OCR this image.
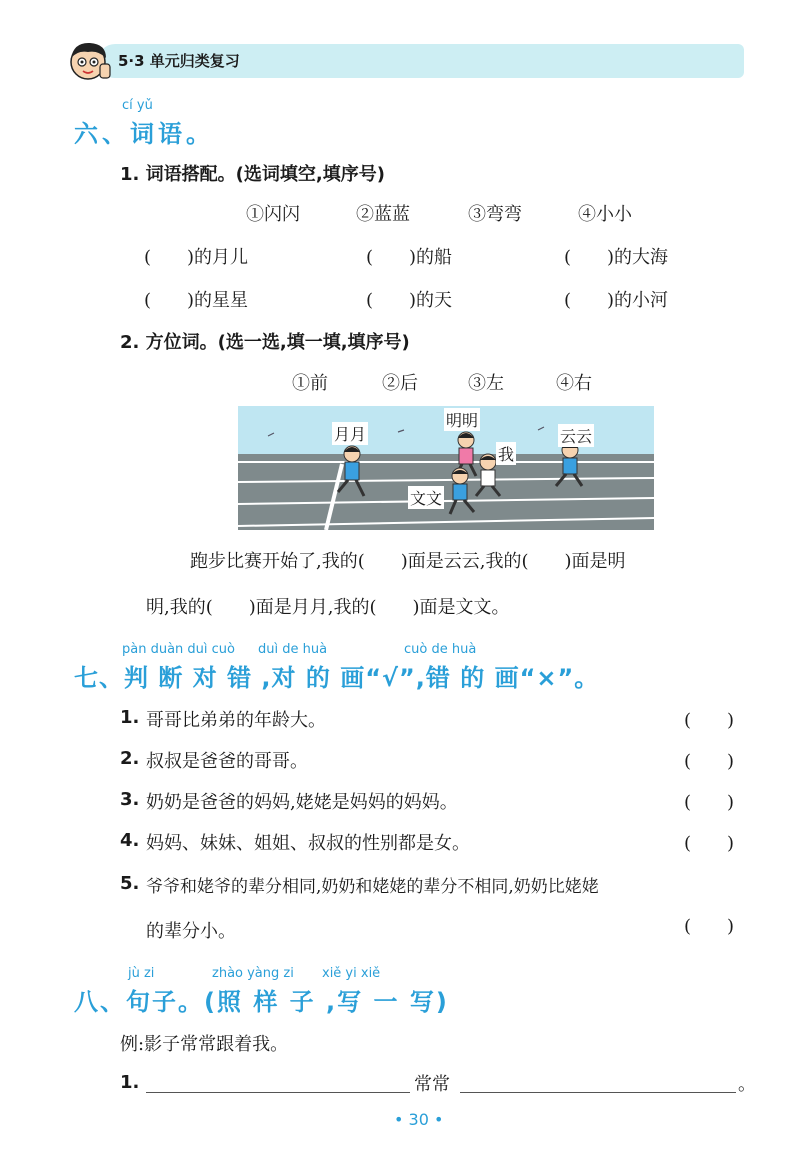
5·3 单元归类复习
cí yǔ
六、词语。
1. 词语搭配。(选词填空,填序号)
①闪闪	②蓝蓝	③弯弯	④小小
(　　)的月儿	(　　)的船	(　　)的大海
(　　)的星星	(　　)的天	(　　)的小河
2. 方位词。(选一选,填一填,填序号)
①前	②后	③左	④右
月月
明明
我
云云
文文
跑步比赛开始了,我的(　　)面是云云,我的(　　)面是明
明,我的(　　)面是月月,我的(　　)面是文文。
pàn duàn duì cuò duì de huà	cuò de huà
七、判 断 对 错 ,对 的 画“√”,错 的 画“×”。
1. 哥哥比弟弟的年龄大。	(　　)
2. 叔叔是爸爸的哥哥。	(　　)
3. 奶奶是爸爸的妈妈,姥姥是妈妈的妈妈。	(　　)
4. 妈妈、妹妹、姐姐、叔叔的性别都是女。	(　　)
5. 爷爷和姥爷的辈分相同,奶奶和姥姥的辈分不相同,奶奶比姥姥
的辈分小。	(　　)
jù zi	zhào yàng zi xiě yi xiě
八、句子。(照 样 子 ,写 一 写)
例:影子常常跟着我。
1.	常常	。
• 30 •
